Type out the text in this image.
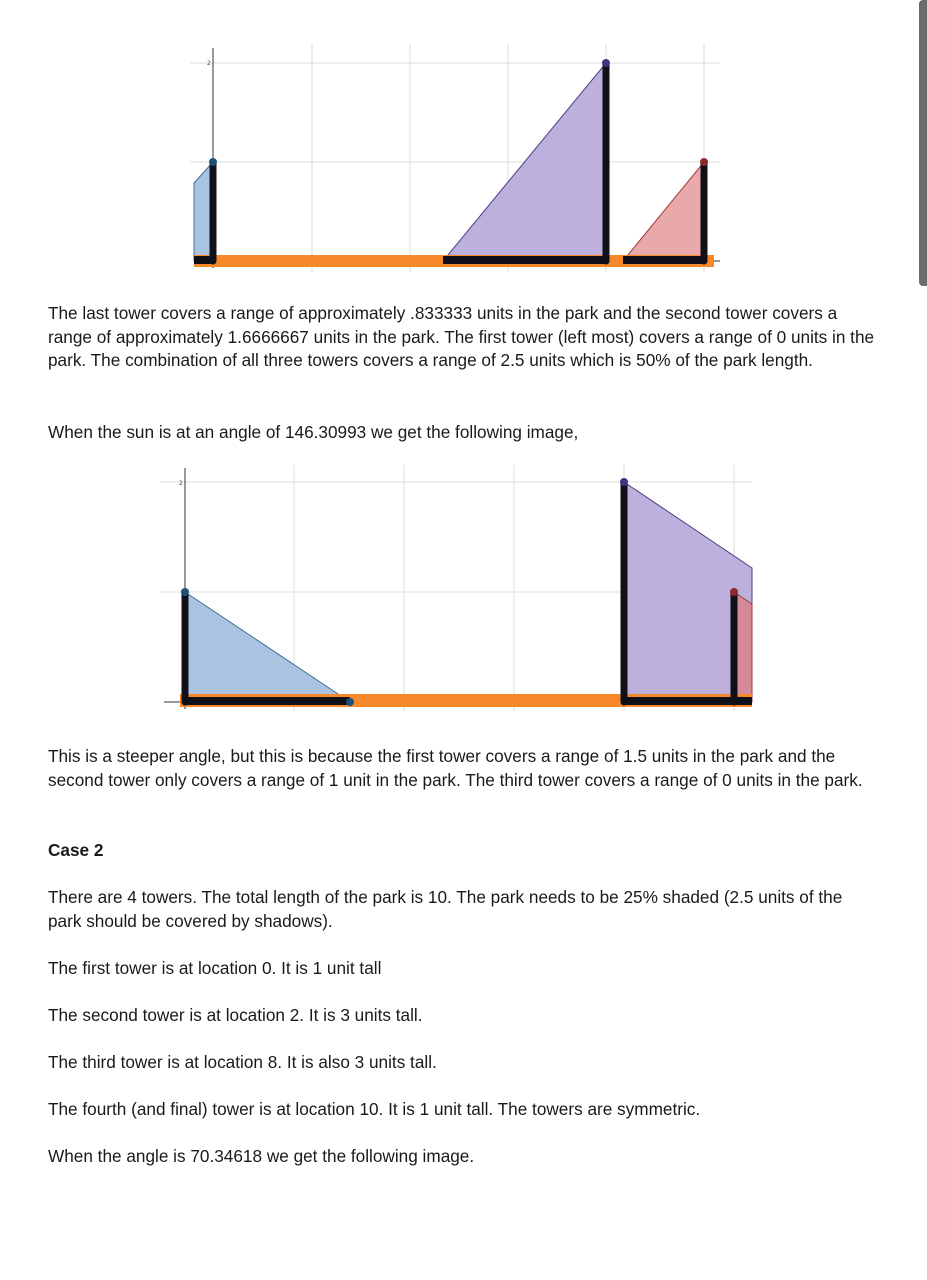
2

The last tower covers a range of approximately .833333 units in the park and the second tower covers a range of approximately 1.6666667 units in the park. The first tower (left most) covers a range of 0 units in the park. The combination of all three towers covers a range of 2.5 units which is 50% of the park length.

When the sun is at an angle of 146.30993 we get the following image,

2

This is a steeper angle, but this is because the first tower covers a range of 1.5 units in the park and the second tower only covers a range of 1 unit in the park. The third tower covers a range of 0 units in the park.

Case 2

There are 4 towers. The total length of the park is 10. The park needs to be 25% shaded (2.5 units of the park should be covered by shadows).

The first tower is at location 0. It is 1 unit tall

The second tower is at location 2. It is 3 units tall.

The third tower is at location 8. It is also 3 units tall.

The fourth (and final) tower is at location 10. It is 1 unit tall. The towers are symmetric.

When the angle is 70.34618 we get the following image.
